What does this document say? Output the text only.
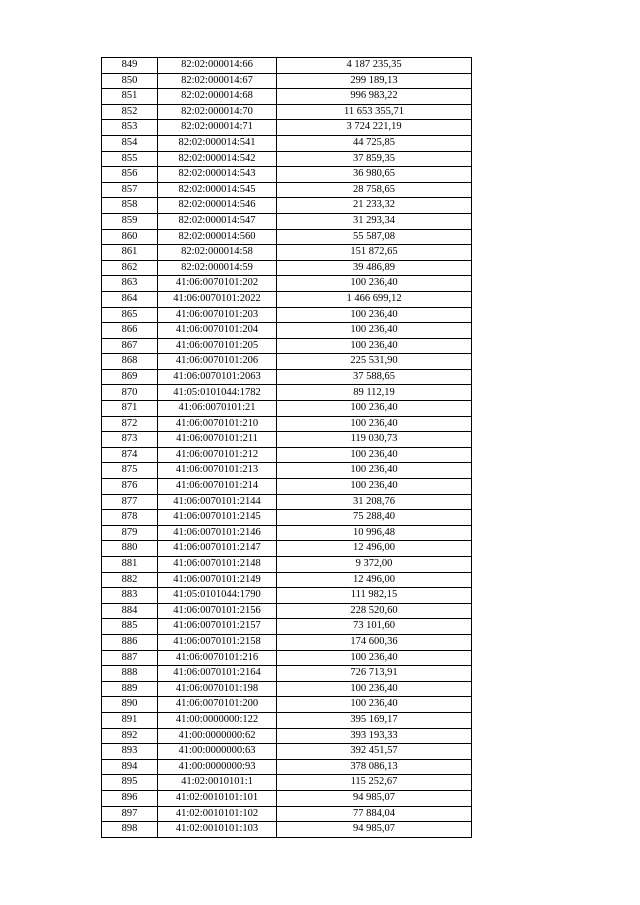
849	82:02:000014:66	4 187 235,35
850	82:02:000014:67	299 189,13
851	82:02:000014:68	996 983,22
852	82:02:000014:70	11 653 355,71
853	82:02:000014:71	3 724 221,19
854	82:02:000014:541	44 725,85
855	82:02:000014:542	37 859,35
856	82:02:000014:543	36 980,65
857	82:02:000014:545	28 758,65
858	82:02:000014:546	21 233,32
859	82:02:000014:547	31 293,34
860	82:02:000014:560	55 587,08
861	82:02:000014:58	151 872,65
862	82:02:000014:59	39 486,89
863	41:06:0070101:202	100 236,40
864	41:06:0070101:2022	1 466 699,12
865	41:06:0070101:203	100 236,40
866	41:06:0070101:204	100 236,40
867	41:06:0070101:205	100 236,40
868	41:06:0070101:206	225 531,90
869	41:06:0070101:2063	37 588,65
870	41:05:0101044:1782	89 112,19
871	41:06:0070101:21	100 236,40
872	41:06:0070101:210	100 236,40
873	41:06:0070101:211	119 030,73
874	41:06:0070101:212	100 236,40
875	41:06:0070101:213	100 236,40
876	41:06:0070101:214	100 236,40
877	41:06:0070101:2144	31 208,76
878	41:06:0070101:2145	75 288,40
879	41:06:0070101:2146	10 996,48
880	41:06:0070101:2147	12 496,00
881	41:06:0070101:2148	9 372,00
882	41:06:0070101:2149	12 496,00
883	41:05:0101044:1790	111 982,15
884	41:06:0070101:2156	228 520,60
885	41:06:0070101:2157	73 101,60
886	41:06:0070101:2158	174 600,36
887	41:06:0070101:216	100 236,40
888	41:06:0070101:2164	726 713,91
889	41:06:0070101:198	100 236,40
890	41:06:0070101:200	100 236,40
891	41:00:0000000:122	395 169,17
892	41:00:0000000:62	393 193,33
893	41:00:0000000:63	392 451,57
894	41:00:0000000:93	378 086,13
895	41:02:0010101:1	115 252,67
896	41:02:0010101:101	94 985,07
897	41:02:0010101:102	77 884,04
898	41:02:0010101:103	94 985,07
